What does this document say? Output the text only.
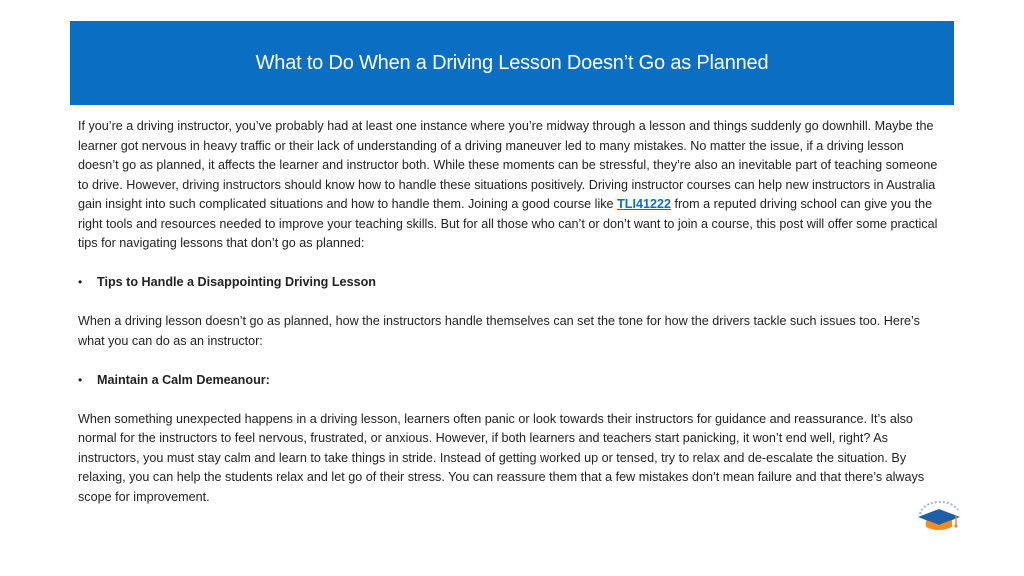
What to Do When a Driving Lesson Doesn’t Go as Planned

If you’re a driving instructor, you’ve probably had at least one instance where you’re midway through a lesson and things suddenly go downhill. Maybe the learner got nervous in heavy traffic or their lack of understanding of a driving maneuver led to many mistakes. No matter the issue, if a driving lesson doesn’t go as planned, it affects the learner and instructor both. While these moments can be stressful, they’re also an inevitable part of teaching someone to drive. However, driving instructors should know how to handle these situations positively. Driving instructor courses can help new instructors in Australia gain insight into such complicated situations and how to handle them. Joining a good course like TLI41222 from a reputed driving school can give you the right tools and resources needed to improve your teaching skills. But for all those who can’t or don’t want to join a course, this post will offer some practical tips for navigating lessons that don’t go as planned:

•	Tips to Handle a Disappointing Driving Lesson

When a driving lesson doesn’t go as planned, how the instructors handle themselves can set the tone for how the drivers tackle such issues too. Here’s what you can do as an instructor:

•	Maintain a Calm Demeanour:

When something unexpected happens in a driving lesson, learners often panic or look towards their instructors for guidance and reassurance. It’s also normal for the instructors to feel nervous, frustrated, or anxious. However, if both learners and teachers start panicking, it won’t end well, right? As instructors, you must stay calm and learn to take things in stride. Instead of getting worked up or tensed, try to relax and de-escalate the situation. By relaxing, you can help the students relax and let go of their stress. You can reassure them that a few mistakes don’t mean failure and that there’s always scope for improvement.
